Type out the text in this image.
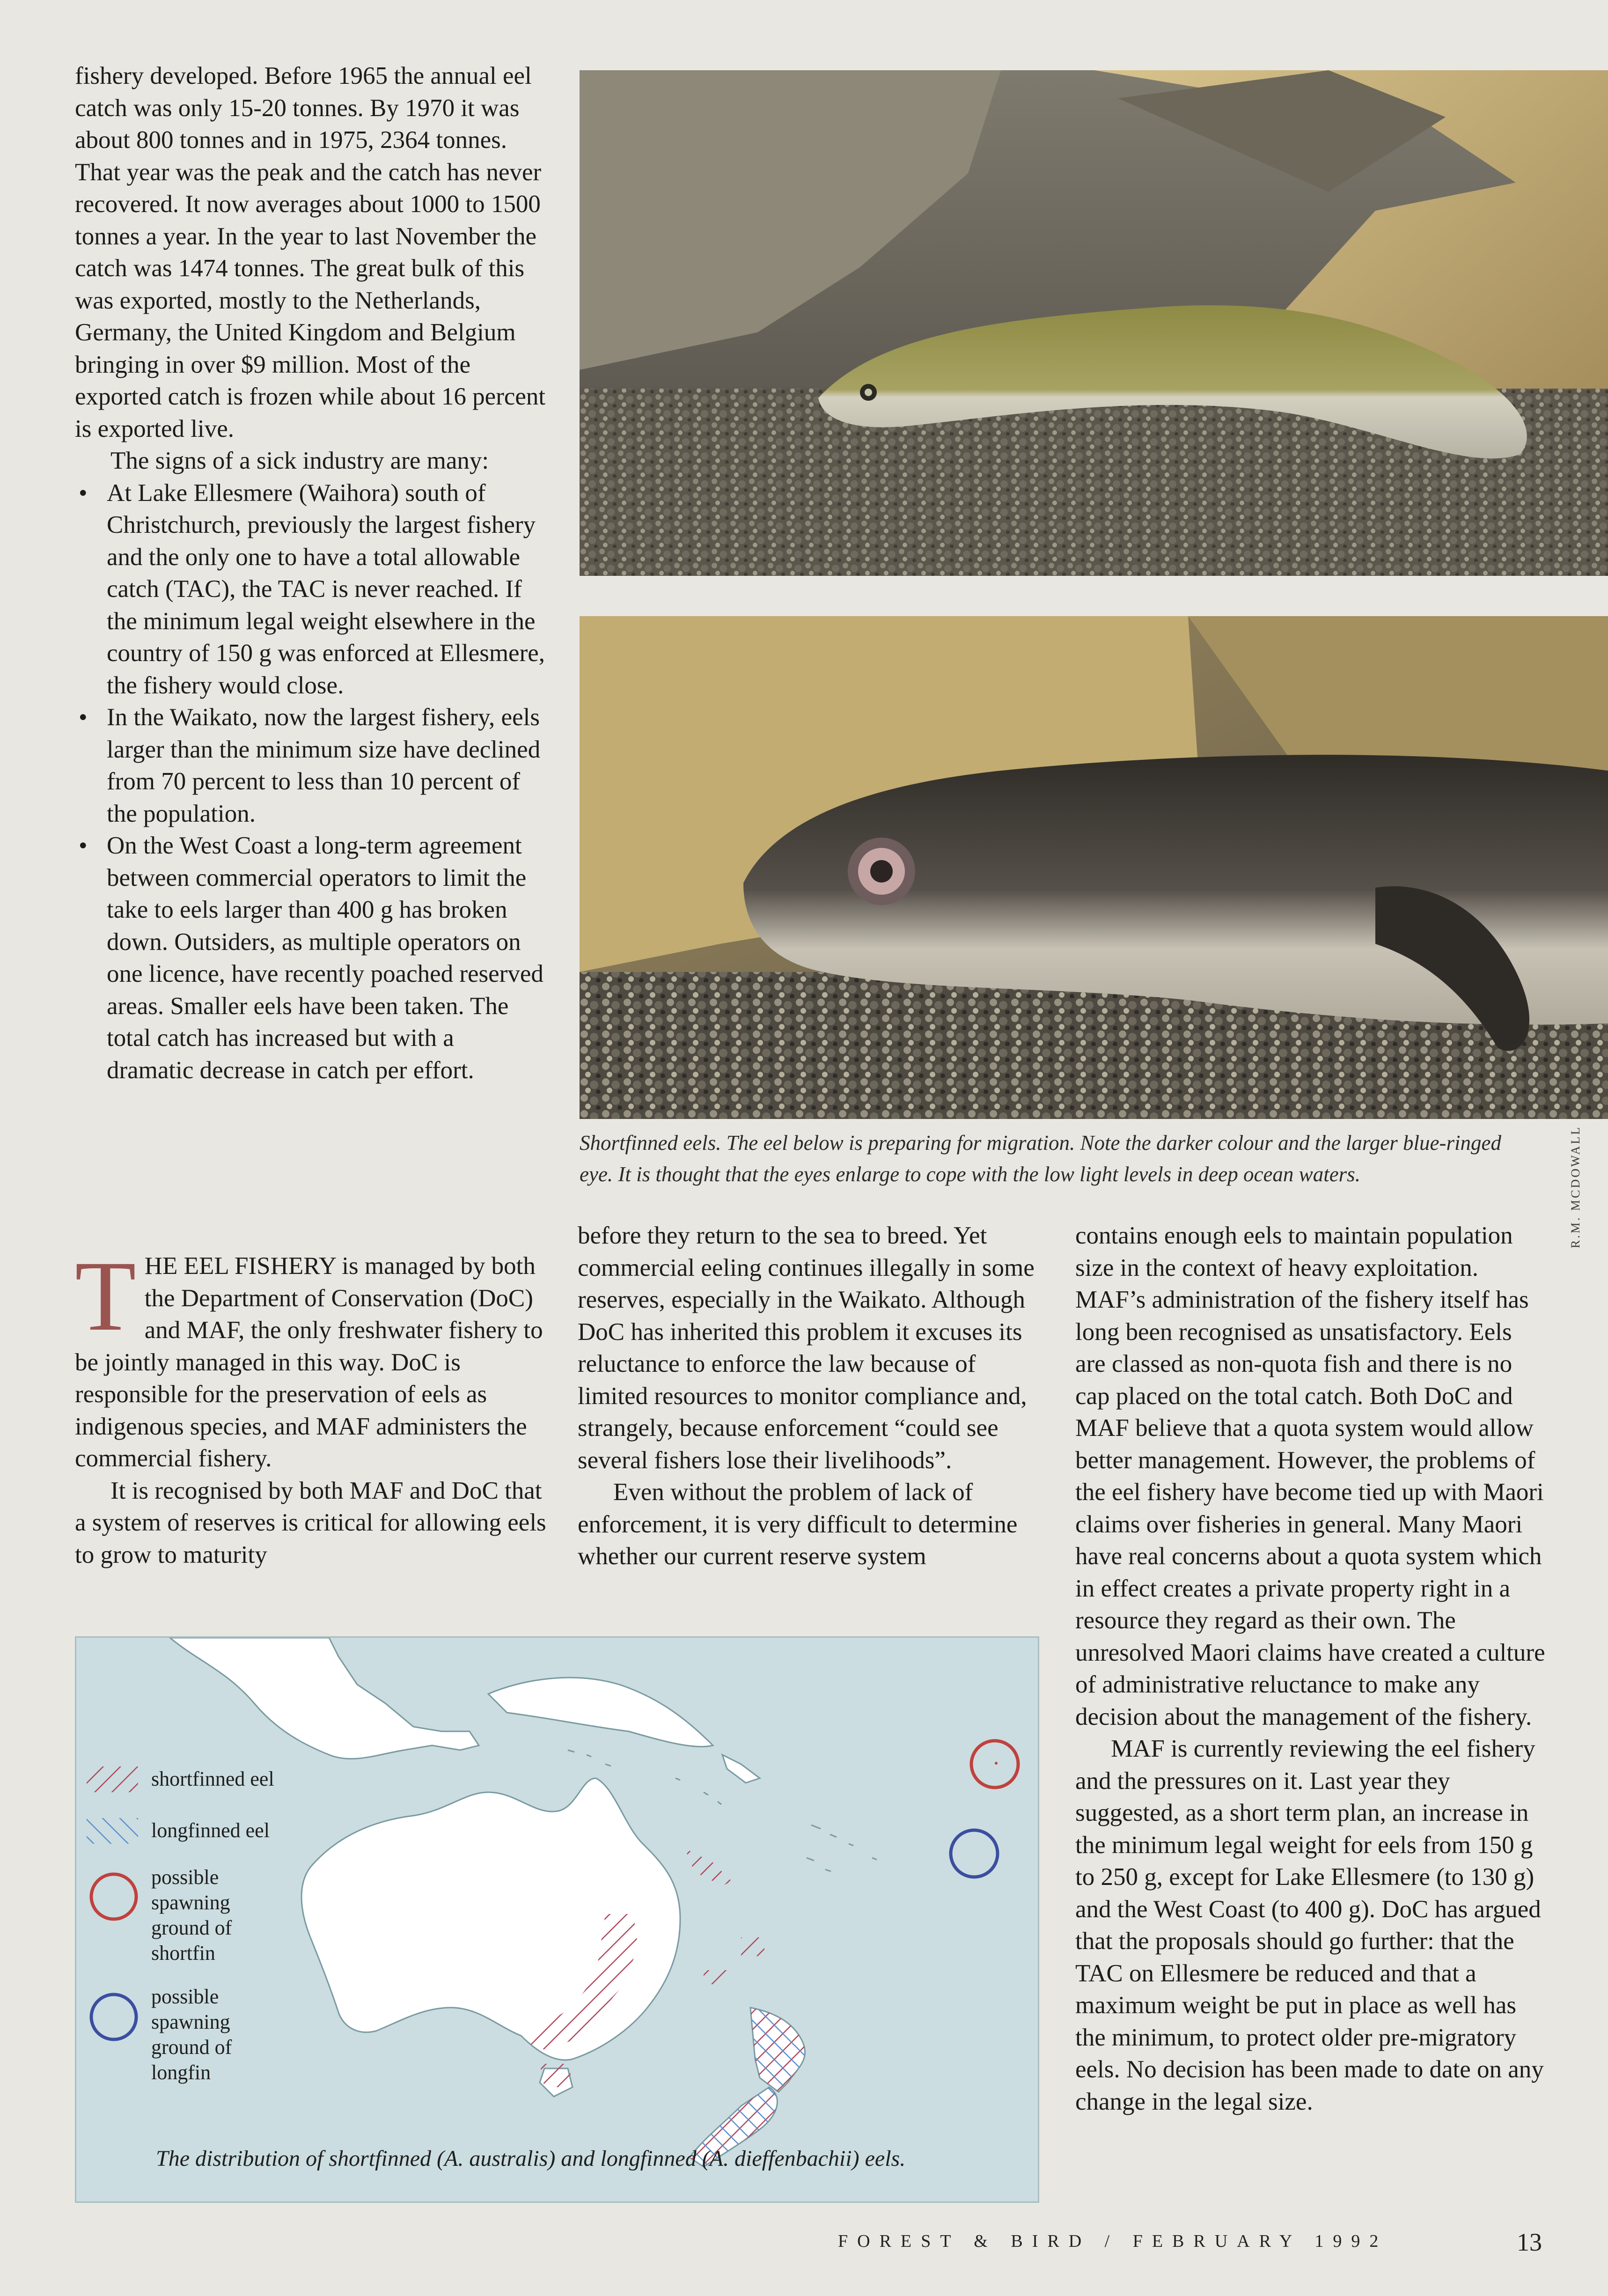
fishery developed. Before 1965 the annual eel catch was only 15-20 tonnes. By 1970 it was about 800 tonnes and in 1975, 2364 tonnes. That year was the peak and the catch has never recovered. It now averages about 1000 to 1500 tonnes a year. In the year to last November the catch was 1474 tonnes. The great bulk of this was exported, mostly to the Netherlands, Germany, the United Kingdom and Belgium bringing in over $9 million. Most of the exported catch is frozen while about 16 percent is exported live.

The signs of a sick industry are many:

• At Lake Ellesmere (Waihora) south of Christchurch, previously the largest fishery and the only one to have a total allowable catch (TAC), the TAC is never reached. If the minimum legal weight elsewhere in the country of 150 g was enforced at Ellesmere, the fishery would close.
• In the Waikato, now the largest fishery, eels larger than the minimum size have declined from 70 percent to less than 10 percent of the population.
• On the West Coast a long-term agreement between commercial operators to limit the take to eels larger than 400 g has broken down. Outsiders, as multiple operators on one licence, have recently poached reserved areas. Smaller eels have been taken. The total catch has increased but with a dramatic decrease in catch per effort.

THE EEL FISHERY is managed by both the Department of Conservation (DoC) and MAF, the only freshwater fishery to be jointly managed in this way. DoC is responsible for the preservation of eels as indigenous species, and MAF administers the commercial fishery.

It is recognised by both MAF and DoC that a system of reserves is critical for allowing eels to grow to maturity

Shortfinned eels. The eel below is preparing for migration. Note the darker colour and the larger blue-ringed eye. It is thought that the eyes enlarge to cope with the low light levels in deep ocean waters.	R.M. MCDOWALL

before they return to the sea to breed. Yet commercial eeling continues illegally in some reserves, especially in the Waikato. Although DoC has inherited this problem it excuses its reluctance to enforce the law because of limited resources to monitor compliance and, strangely, because enforcement “could see several fishers lose their livelihoods”.

Even without the problem of lack of enforcement, it is very difficult to determine whether our current reserve system

contains enough eels to maintain population size in the context of heavy exploitation. MAF’s administration of the fishery itself has long been recognised as unsatisfactory. Eels are classed as non-quota fish and there is no cap placed on the total catch. Both DoC and MAF believe that a quota system would allow better management. However, the problems of the eel fishery have become tied up with Maori claims over fisheries in general. Many Maori have real concerns about a quota system which in effect creates a private property right in a resource they regard as their own. The unresolved Maori claims have created a culture of administrative reluctance to make any decision about the management of the fishery.

MAF is currently reviewing the eel fishery and the pressures on it. Last year they suggested, as a short term plan, an increase in the minimum legal weight for eels from 150 g to 250 g, except for Lake Ellesmere (to 130 g) and the West Coast (to 400 g). DoC has argued that the proposals should go further: that the TAC on Ellesmere be reduced and that a maximum weight be put in place as well has the minimum, to protect older pre-migratory eels. No decision has been made to date on any change in the legal size.

shortfinned eel
longfinned eel
possible spawning ground of shortfin
possible spawning ground of longfin
The distribution of shortfinned (A. australis) and longfinned (A. dieffenbachii) eels.
FOREST & BIRD / FEBRUARY 1992	13
